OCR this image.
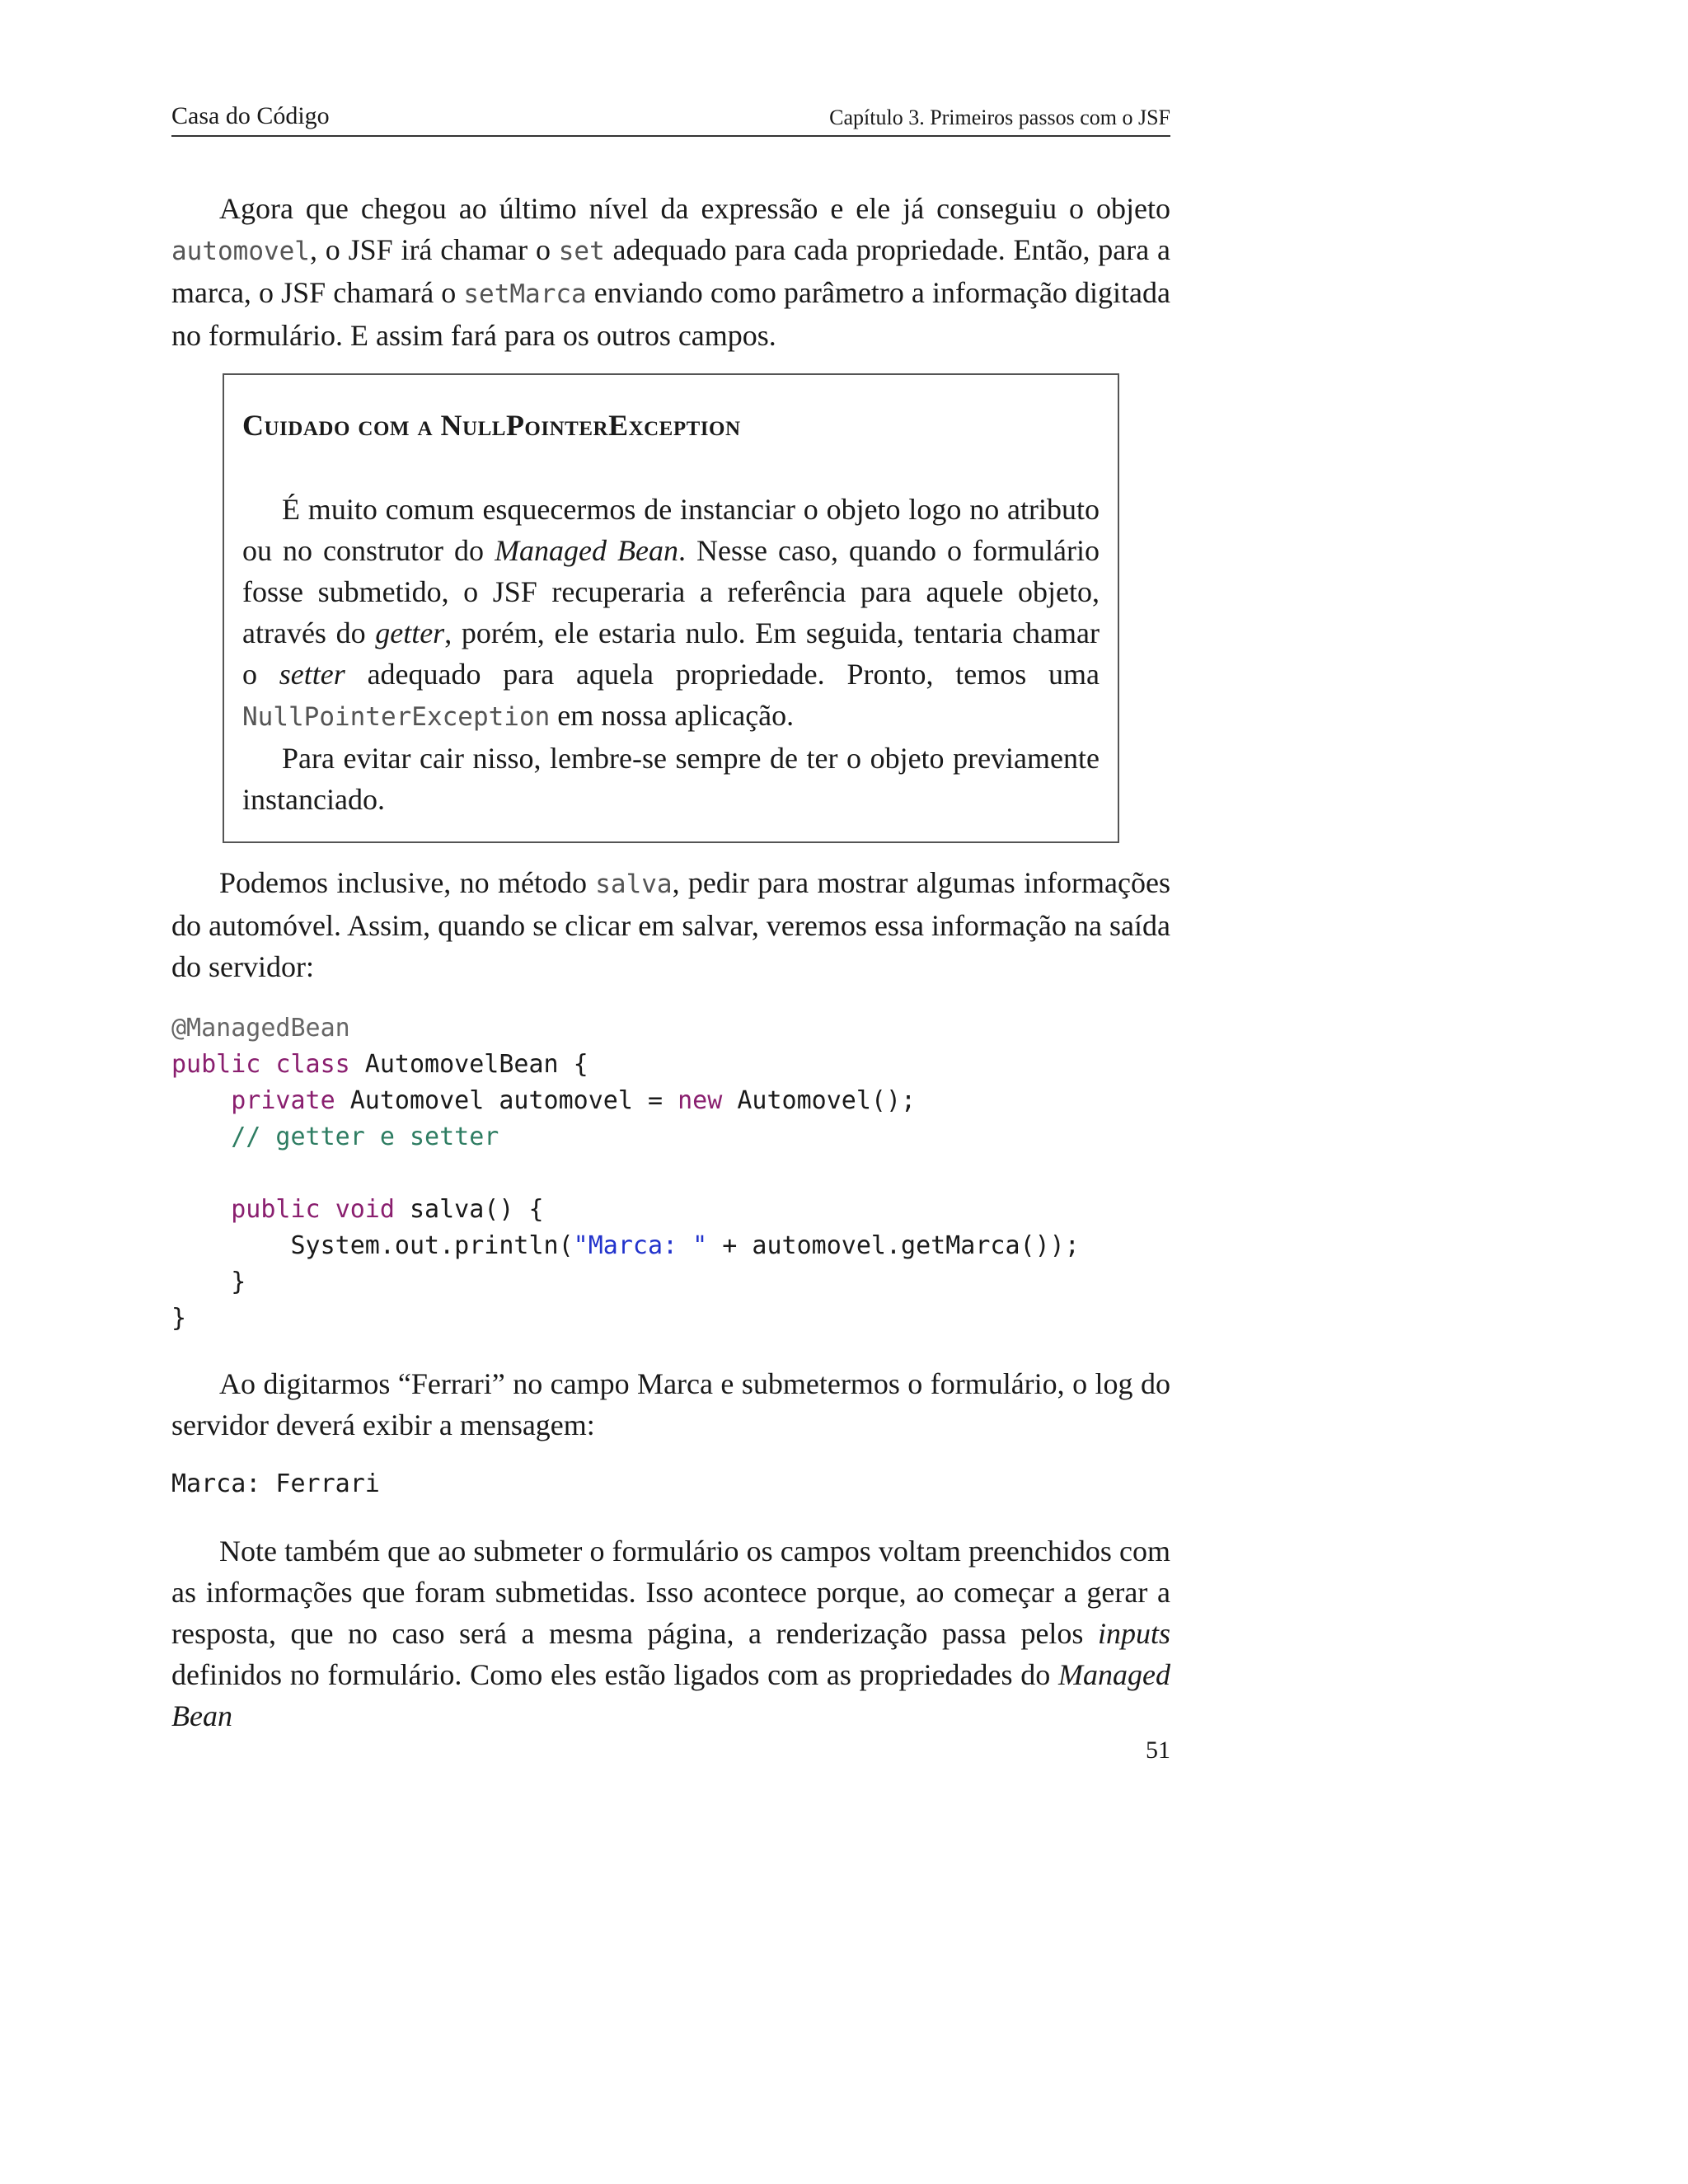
Casa do Código	Capítulo 3. Primeiros passos com o JSF

Agora que chegou ao último nível da expressão e ele já conseguiu o objeto automovel, o JSF irá chamar o set adequado para cada propriedade. Então, para a marca, o JSF chamará o setMarca enviando como parâmetro a informação digitada no formulário. E assim fará para os outros campos.

Cuidado com a NullPointerException

É muito comum esquecermos de instanciar o objeto logo no atributo ou no construtor do Managed Bean. Nesse caso, quando o formulário fosse submetido, o JSF recuperaria a referência para aquele objeto, através do getter, porém, ele estaria nulo. Em seguida, tentaria chamar o setter adequado para aquela propriedade. Pronto, temos uma NullPointerException em nossa aplicação.
Para evitar cair nisso, lembre-se sempre de ter o objeto previamente instanciado.

Podemos inclusive, no método salva, pedir para mostrar algumas informações do automóvel. Assim, quando se clicar em salvar, veremos essa informação na saída do servidor:

@ManagedBean
public class AutomovelBean {
private Automovel automovel = new Automovel();
// getter e setter

public void salva() {
System.out.println("Marca: " + automovel.getMarca());
}
}

Ao digitarmos “Ferrari” no campo Marca e submetermos o formulário, o log do servidor deverá exibir a mensagem:

Marca: Ferrari

Note também que ao submeter o formulário os campos voltam preenchidos com as informações que foram submetidas. Isso acontece porque, ao começar a gerar a resposta, que no caso será a mesma página, a renderização passa pelos inputs definidos no formulário. Como eles estão ligados com as propriedades do Managed Bean

51
